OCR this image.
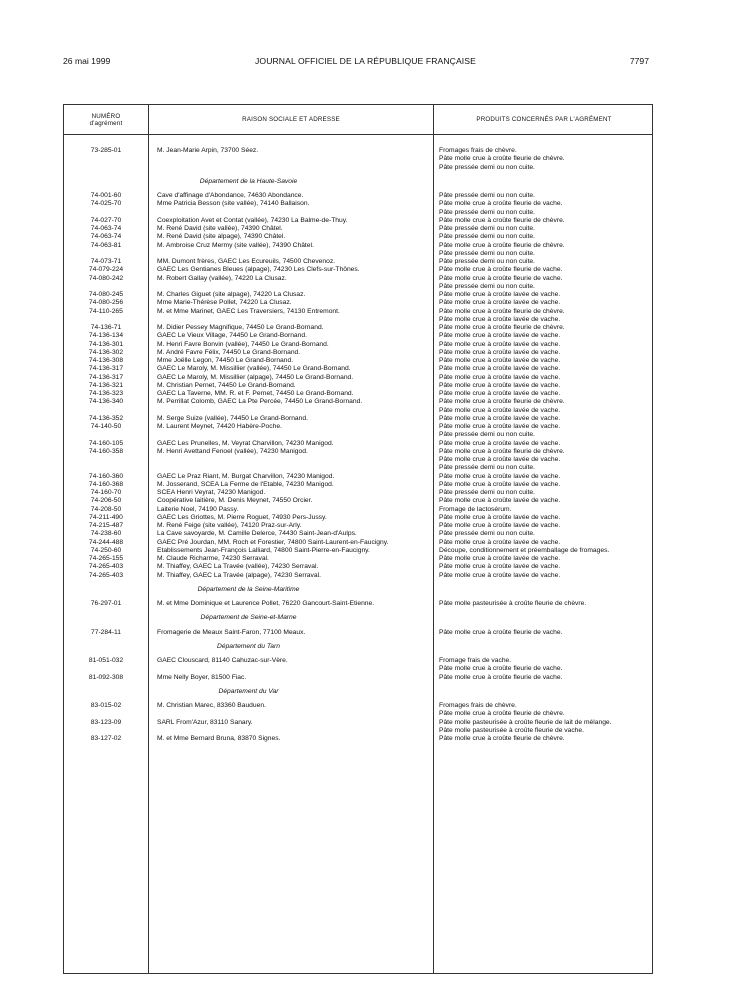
26 mai 1999	JOURNAL OFFICIEL DE LA RÉPUBLIQUE FRANÇAISE	7797
NUMÉRO
d'agrément	RAISON SOCIALE ET ADRESSE	PRODUITS CONCERNÉS PAR L'AGRÉMENT
73-285-01	M. Jean-Marie Arpin, 73700 Séez.	Fromages frais de chèvre.
Pâte molle crue à croûte fleurie de chèvre.
Pâte pressée demi ou non cuite.
Département de la Haute-Savoie
74-001-60	Cave d'affinage d'Abondance, 74630 Abondance.	Pâte pressée demi ou non cuite.
74-025-70	Mme Patricia Besson (site vallée), 74140 Ballaison.	Pâte molle crue à croûte fleurie de vache.
Pâte pressée demi ou non cuite.
74-027-70	Coexploitation Avet et Contat (vallée), 74230 La Balme-de-Thuy.	Pâte molle crue à croûte fleurie de chèvre.
74-063-74	M. René David (site vallée), 74390 Châtel.	Pâte pressée demi ou non cuite.
74-063-74	M. René David (site alpage), 74390 Châtel.	Pâte pressée demi ou non cuite.
74-063-81	M. Ambroise Cruz Mermy (site vallée), 74390 Châtel.	Pâte molle crue à croûte fleurie de chèvre.
Pâte pressée demi ou non cuite.
74-073-71	MM. Dumont frères, GAEC Les Ecureuils, 74500 Chevenoz.	Pâte pressée demi ou non cuite.
74-079-224	GAEC Les Gentianes Bleues (alpage), 74230 Les Clefs-sur-Thônes.	Pâte molle crue à croûte fleurie de vache.
74-080-242	M. Robert Gallay (vallée), 74220 La Clusaz.	Pâte molle crue à croûte fleurie de vache.
Pâte pressée demi ou non cuite.
74-080-245	M. Charles Giguet (site alpage), 74220 La Clusaz.	Pâte molle crue à croûte lavée de vache.
74-080-256	Mme Marie-Thérèse Pollet, 74220 La Clusaz.	Pâte molle crue à croûte lavée de vache.
74-110-265	M. et Mme Marinet, GAEC Les Traversiers, 74130 Entremont.	Pâte molle crue à croûte fleurie de chèvre.
Pâte molle crue à croûte lavée de vache.
74-136-71	M. Didier Pessey Magnifique, 74450 Le Grand-Bornand.	Pâte molle crue à croûte fleurie de chèvre.
74-136-134	GAEC Le Vieux Village, 74450 Le Grand-Bornand.	Pâte molle crue à croûte lavée de vache.
74-136-301	M. Henri Favre Bonvin (vallée), 74450 Le Grand-Bornand.	Pâte molle crue à croûte lavée de vache.
74-136-302	M. André Favre Félix, 74450 Le Grand-Bornand.	Pâte molle crue à croûte lavée de vache.
74-136-308	Mme Joëlle Legon, 74450 Le Grand-Bornand.	Pâte molle crue à croûte lavée de vache.
74-136-317	GAEC Le Maroly, M. Missillier (vallée), 74450 Le Grand-Bornand.	Pâte molle crue à croûte lavée de vache.
74-136-317	GAEC Le Maroly, M. Missillier (alpage), 74450 Le Grand-Bornand.	Pâte molle crue à croûte lavée de vache.
74-136-321	M. Christian Pernet, 74450 Le Grand-Bornand.	Pâte molle crue à croûte lavée de vache.
74-136-323	GAEC La Taverne, MM. R. et F. Pernet, 74450 Le Grand-Bornand.	Pâte molle crue à croûte lavée de vache.
74-136-340	M. Perrillat Colomb, GAEC La Pte Percée, 74450 Le Grand-Bornand.	Pâte molle crue à croûte fleurie de chèvre.
Pâte molle crue à croûte lavée de vache.
74-136-352	M. Serge Suize (vallée), 74450 Le Grand-Bornand.	Pâte molle crue à croûte lavée de vache.
74-140-50	M. Laurent Meynet, 74420 Habère-Poche.	Pâte molle crue à croûte lavée de vache.
Pâte pressée demi ou non cuite.
74-160-105	GAEC Les Prunelles, M. Veyrat Charvillon, 74230 Manigod.	Pâte molle crue à croûte lavée de vache.
74-160-358	M. Henri Avettand Fenoel (vallée), 74230 Manigod.	Pâte molle crue à croûte fleurie de chèvre.
Pâte molle crue à croûte lavée de vache.
Pâte pressée demi ou non cuite.
74-160-360	GAEC Le Praz Riant, M. Burgat Charvillon, 74230 Manigod.	Pâte molle crue à croûte lavée de vache.
74-160-368	M. Josserand, SCEA La Ferme de l'Etable, 74230 Manigod.	Pâte molle crue à croûte lavée de vache.
74-160-70	SCEA Henri Veyrat, 74230 Manigod.	Pâte pressée demi ou non cuite.
74-206-50	Coopérative laitière, M. Denis Meynet, 74550 Orcier.	Pâte molle crue à croûte lavée de vache.
74-208-50	Laiterie Noel, 74190 Passy.	Fromage de lactosérum.
74-211-490	GAEC Les Griottes, M. Pierre Roguet, 74930 Pers-Jussy.	Pâte molle crue à croûte lavée de vache.
74-215-487	M. René Feige (site vallée), 74120 Praz-sur-Arly.	Pâte molle crue à croûte lavée de vache.
74-238-60	La Cave savoyarde, M. Camille Delerce, 74430 Saint-Jean-d'Aulps.	Pâte pressée demi ou non cuite.
74-244-488	GAEC Pré Jourdan, MM. Roch et Forestier, 74800 Saint-Laurent-en-Faucigny.	Pâte molle crue à croûte lavée de vache.
74-250-60	Etablissements Jean-François Lalliard, 74800 Saint-Pierre-en-Faucigny.	Découpe, conditionnement et préemballage de fromages.
74-265-155	M. Claude Richarme, 74230 Serraval.	Pâte molle crue à croûte lavée de vache.
74-265-403	M. Thiaffey, GAEC La Travée (vallée), 74230 Serraval.	Pâte molle crue à croûte lavée de vache.
74-265-403	M. Thiaffey, GAEC La Travée (alpage), 74230 Serraval.	Pâte molle crue à croûte lavée de vache.
Département de la Seine-Maritime
76-297-01	M. et Mme Dominique et Laurence Pollet, 76220 Gancourt-Saint-Etienne.	Pâte molle pasteurisée à croûte fleurie de chèvre.
Département de Seine-et-Marne
77-284-11	Fromagerie de Meaux Saint-Faron, 77100 Meaux.	Pâte molle crue à croûte fleurie de vache.
Département du Tarn
81-051-032	GAEC Clouscard, 81140 Cahuzac-sur-Vère.	Fromage frais de vache.
Pâte molle crue à croûte fleurie de vache.
81-092-308	Mme Nelly Boyer, 81500 Fiac.	Pâte molle crue à croûte fleurie de vache.
Département du Var
83-015-02	M. Christian Marec, 83360 Bauduen.	Fromages frais de chèvre.
Pâte molle crue à croûte fleurie de chèvre.
83-123-09	SARL From'Azur, 83110 Sanary.	Pâte molle pasteurisée à croûte fleurie de lait de mélange.
Pâte molle pasteurisée à croûte fleurie de vache.
83-127-02	M. et Mme Bernard Bruna, 83870 Signes.	Pâte molle crue à croûte fleurie de chèvre.
